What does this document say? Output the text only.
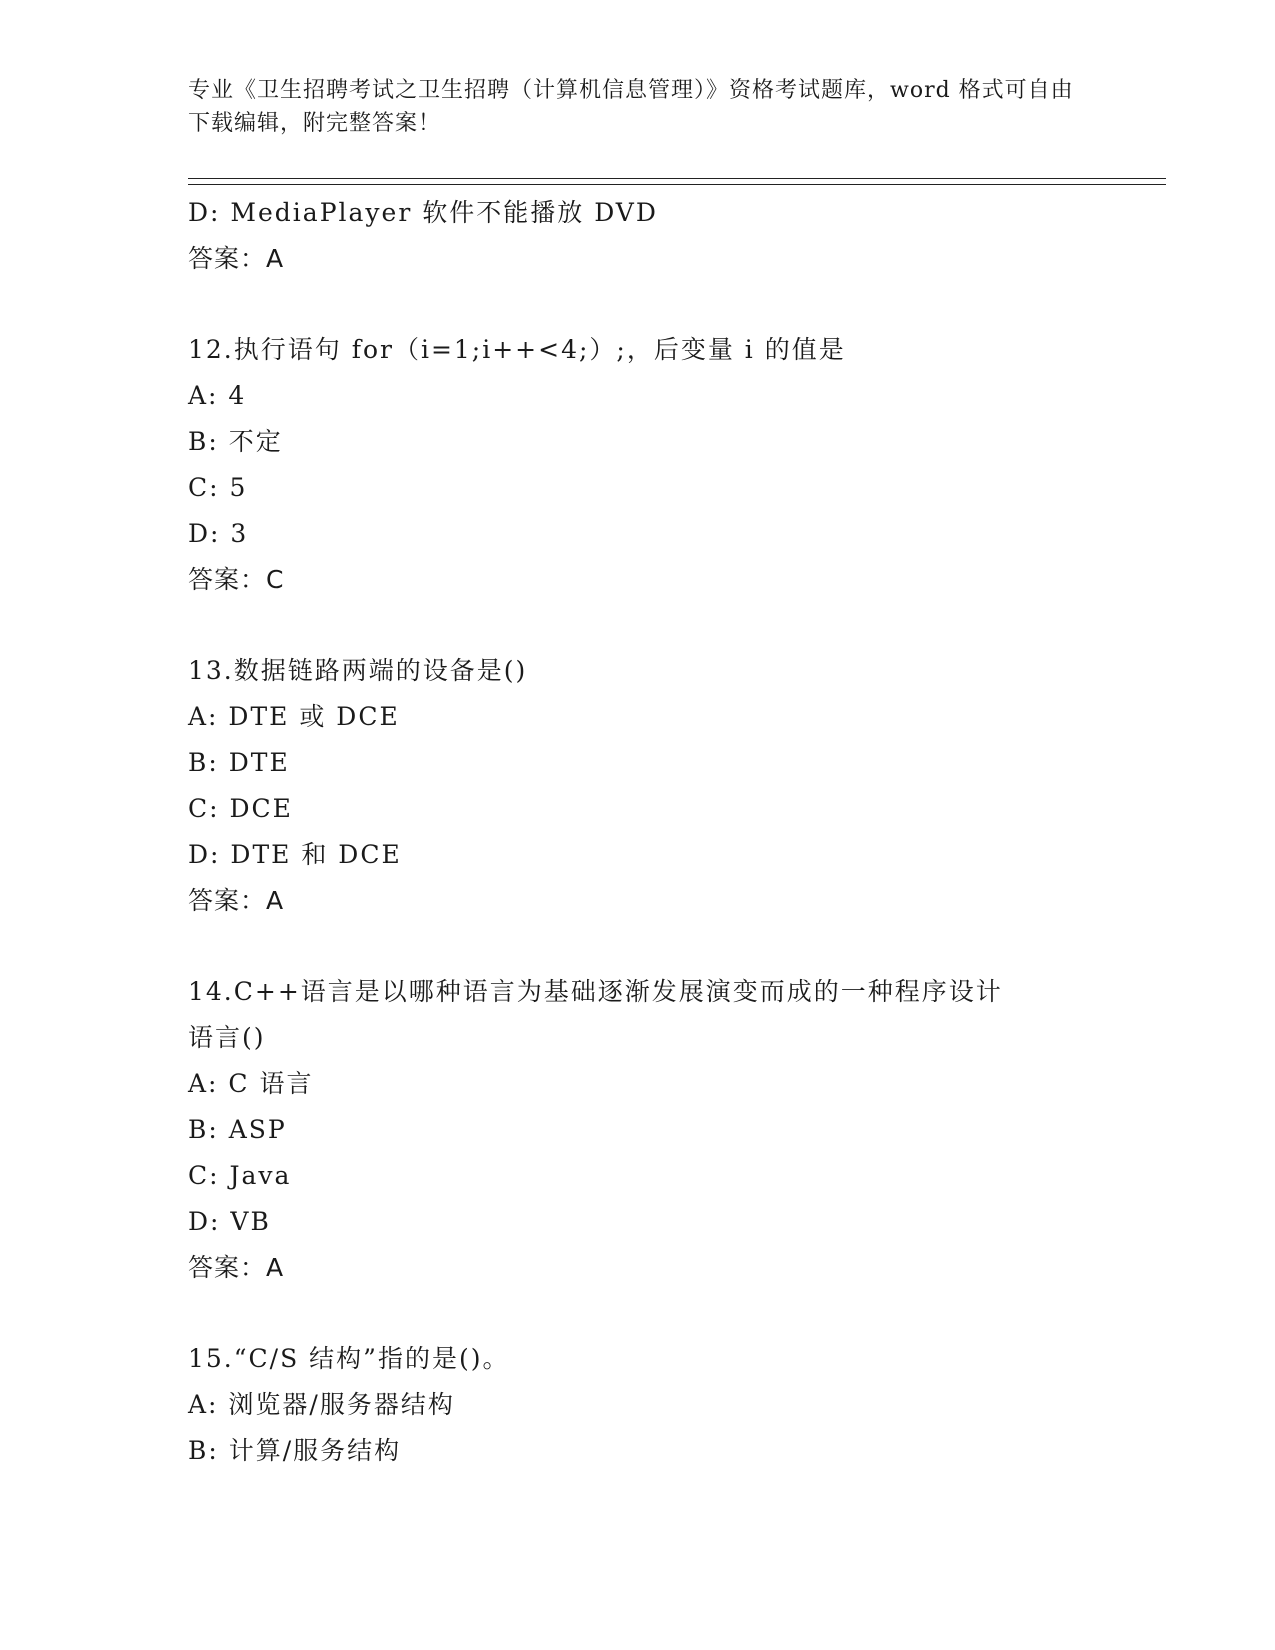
专业《卫生招聘考试之卫生招聘（计算机信息管理）》资格考试题库，word 格式可自由下载编辑，附完整答案！
D: MediaPlayer 软件不能播放 DVD
答案：A
12.执行语句 for（i=1;i++<4;）;，后变量 i 的值是
A: 4
B: 不定
C: 5
D: 3
答案：C
13.数据链路两端的设备是()
A: DTE 或 DCE
B: DTE
C: DCE
D: DTE 和 DCE
答案：A
14.C++语言是以哪种语言为基础逐渐发展演变而成的一种程序设计语言()
A: C 语言
B: ASP
C: Java
D: VB
答案：A
15.“C/S 结构”指的是()。
A: 浏览器/服务器结构
B: 计算/服务结构
